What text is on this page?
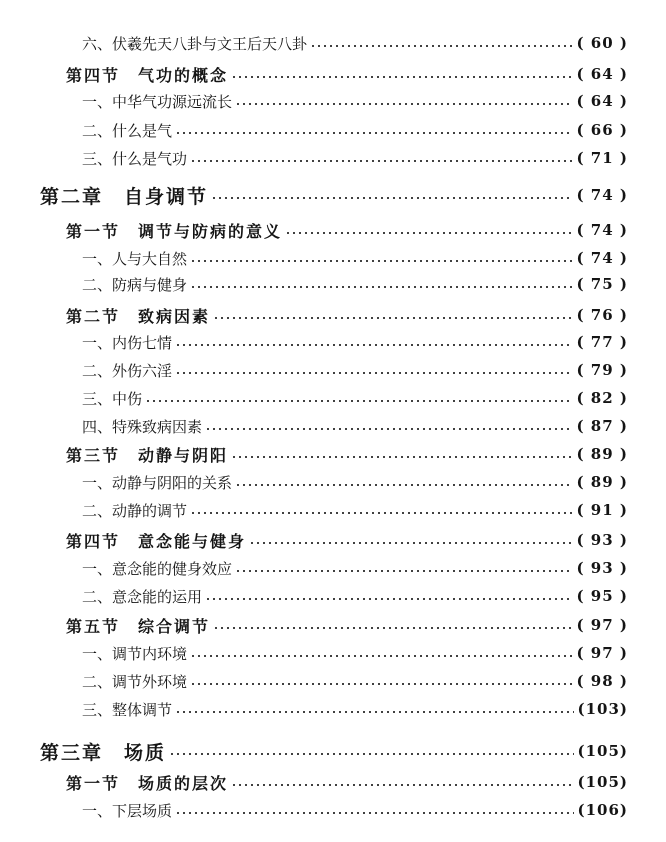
六、伏羲先天八卦与文王后天八卦	( 60 )
第四节　气功的概念	( 64 )
一、中华气功源远流长	( 64 )
二、什么是气	( 66 )
三、什么是气功	( 71 )
第二章　自身调节	( 74 )
第一节　调节与防病的意义	( 74 )
一、人与大自然	( 74 )
二、防病与健身	( 75 )
第二节　致病因素	( 76 )
一、内伤七情	( 77 )
二、外伤六淫	( 79 )
三、中伤	( 82 )
四、特殊致病因素	( 87 )
第三节　动静与阴阳	( 89 )
一、动静与阴阳的关系	( 89 )
二、动静的调节	( 91 )
第四节　意念能与健身	( 93 )
一、意念能的健身效应	( 93 )
二、意念能的运用	( 95 )
第五节　综合调节	( 97 )
一、调节内环境	( 97 )
二、调节外环境	( 98 )
三、整体调节	(103)
第三章　场质	(105)
第一节　场质的层次	(105)
一、下层场质	(106)
